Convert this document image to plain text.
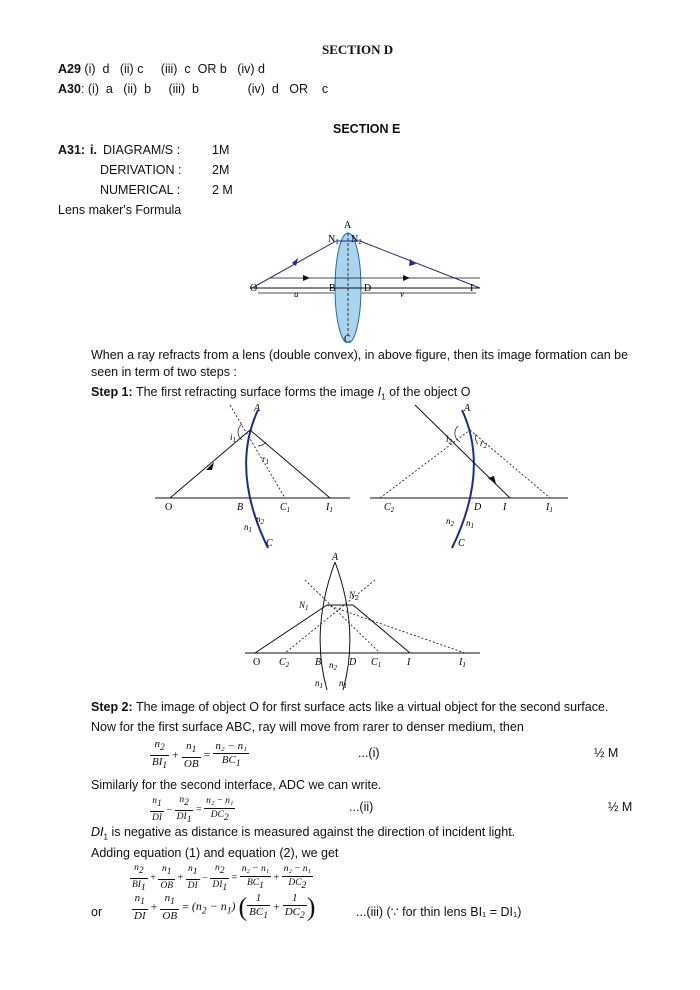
SECTION D
A29 (i)  d   (ii) c     (iii)  c  OR b   (iv) d
A30: (i)  a   (ii)  b     (iii)  b              (iv)  d   OR    c
SECTION E
A31: i. DIAGRAM/S :	1M
DERIVATION : 2M
NUMERICAL :	2 M
Lens maker's Formula
A
C
$N_1$ $N_2$
O	I
B	D
u	v
When a ray refracts from a lens (double convex), in above figure, then its image formation can be
seen in term of two steps :
Step 1: The first refracting surface forms the image $I_1$ of the object O
A
O	B	$C_1$	$I_1$
C
$i_1$
$r_1$
$n_2$
$n_1$
A
$C_2$	D I	$I_1$
C
$i_2$	$r_2$
$n_2$ $n_1$
A
$N_1$
$N_2$
O $C_2$	B	D $C_1$	I	$I_1$
$n_2$
$n_1$ $n_1$
Step 2: The image of object O for first surface acts like a virtual object for the second surface.
Now for the first surface ABC, ray will move from rarer to denser medium, then
$\frac{n_2}{BI_1} + \frac{n_1}{OB} = \frac{\text{n₂ − n₁}}{BC_1}$	...(i)	½ M
Similarly for the second interface, ADC we can write.
$\frac{n_1}{DI} - \frac{n_2}{DI_1} = \frac{\text{n₂ − n₁}}{DC_2}$	...(ii)	½ M
$DI_1$ is negative as distance is measured against the direction of incident light.
Adding equation (1) and equation (2), we get
$\frac{n_2}{BI_1} + \frac{n_1}{OB} + \frac{n_1}{DI} - \frac{n_2}{DI_1} = \frac{\text{n₂ − n₁}}{BC_1} + \frac{\text{n₂ − n₁}}{DC_2}$
or	$\frac{n_1}{DI} + \frac{n_1}{OB} = (n_2 - n_1)$ ( $\frac{1}{BC_1} + \frac{1}{DC_2}$ )	...(iii) (∵ for thin lens BI₁ = DI₁)
